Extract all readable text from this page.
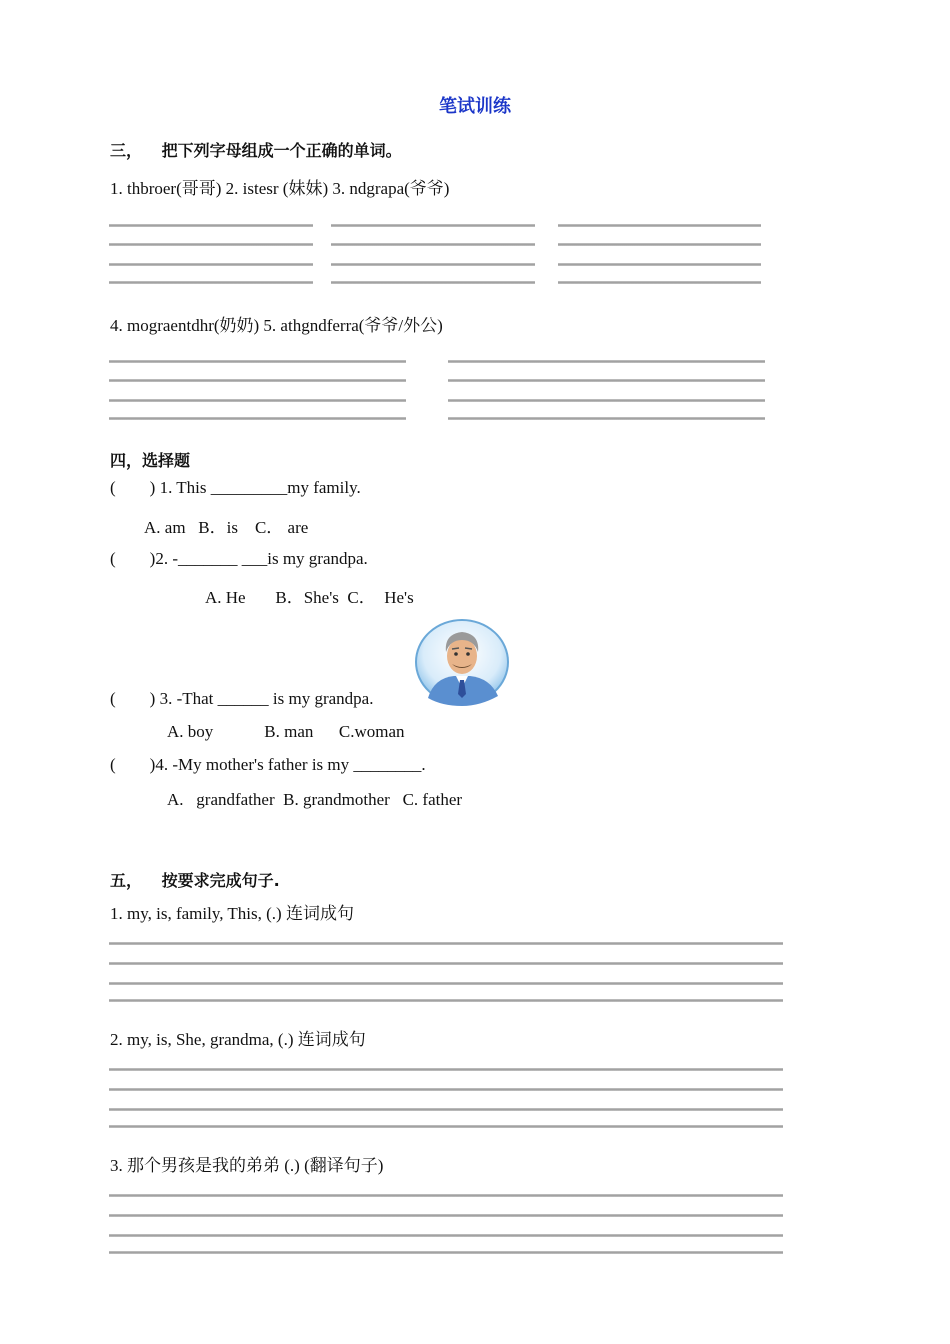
笔试训练
三， 把下列字母组成一个正确的单词。
1. thbroer(哥哥) 2. istesr (妹妹) 3. ndgrapa(爷爷)
4. mograentdhr(奶奶) 5. athgndferra(爷爷/外公)
四，选择题
(        ) 1. This _________my family.
A. am   B．is    C． are
(        )2. -_______ ___is my grandpa.
A. He       B．She's  C．  He's
(        ) 3. -That ______ is my grandpa.
A. boy            B. man      C.woman
(        )4. -My mother's father is my ________.
A.   grandfather  B. grandmother   C. father
五， 按要求完成句子.
1. my, is, family, This, (.) 连词成句
2. my, is, She, grandma, (.) 连词成句
3. 那个男孩是我的弟弟 (.) (翻译句子)
